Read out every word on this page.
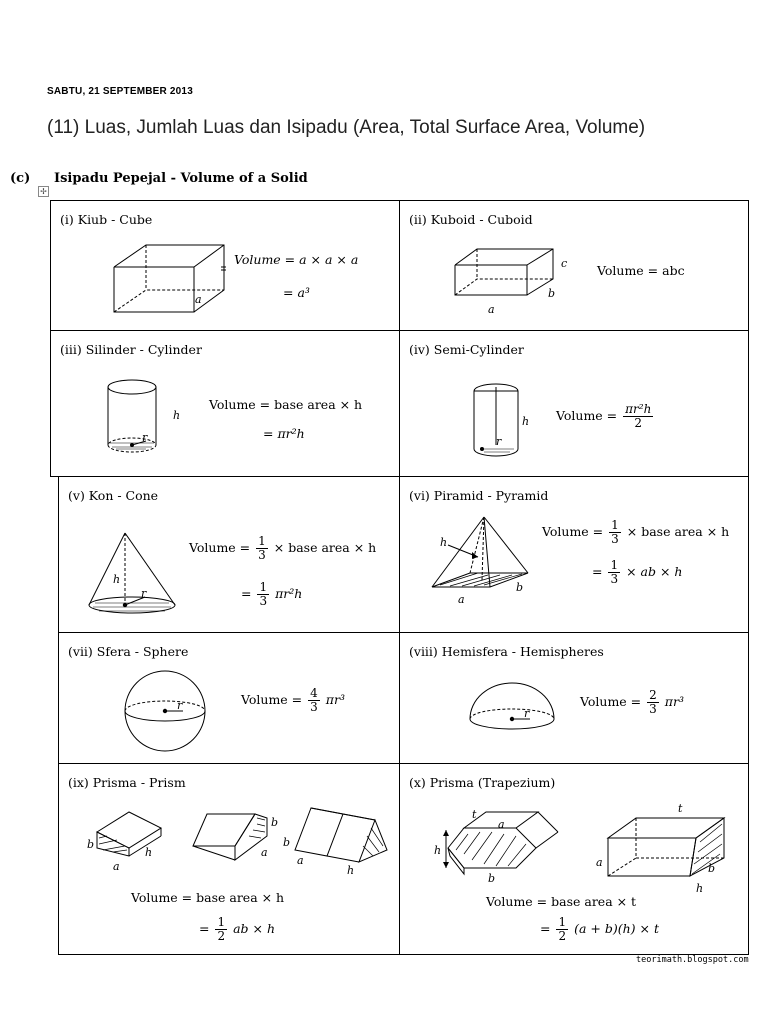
SABTU, 21 SEPTEMBER 2013
(11) Luas, Jumlah Luas dan Isipadu (Area, Total Surface Area, Volume)
(c) Isipadu Pepejal - Volume of a Solid
✢
(i) Kiub - Cube
a
Volume = a × a × a
= a³
(ii) Kuboid - Cuboid
c
b
a
Volume = abc
(iii) Silinder - Cylinder
r
h
Volume = base area × h
= πr²h
(iv) Semi-Cylinder
r
h Volume = $\frac{\text{πr²h}}{2}$
(v) Kon - Cone
r
h
Volume = $\frac{1}{3}$ × base area × h
= $\frac{1}{3} \pi r^2h$
(vi) Piramid - Pyramid
h
b
a
Volume = $\frac{1}{3}$ × base area × h
= $\frac{1}{3}$ × ab × h
(vii) Sfera - Sphere
r	Volume = $\frac{4}{3} \pi r^3$
(viii) Hemisfera - Hemispheres
r
Volume = $\frac{2}{3} \pi r^3$
(ix) Prisma - Prism
b
a
h
b
a
b
a
h
Volume = base area × h
= $\frac{1}{2}$ ab × h
(x) Prisma (Trapezium)
t
a
h
b
t
a	b
h
Volume = base area × t
= $\frac{1}{2} (a + b)(h) \times t$
teorimath.blogspot.com
